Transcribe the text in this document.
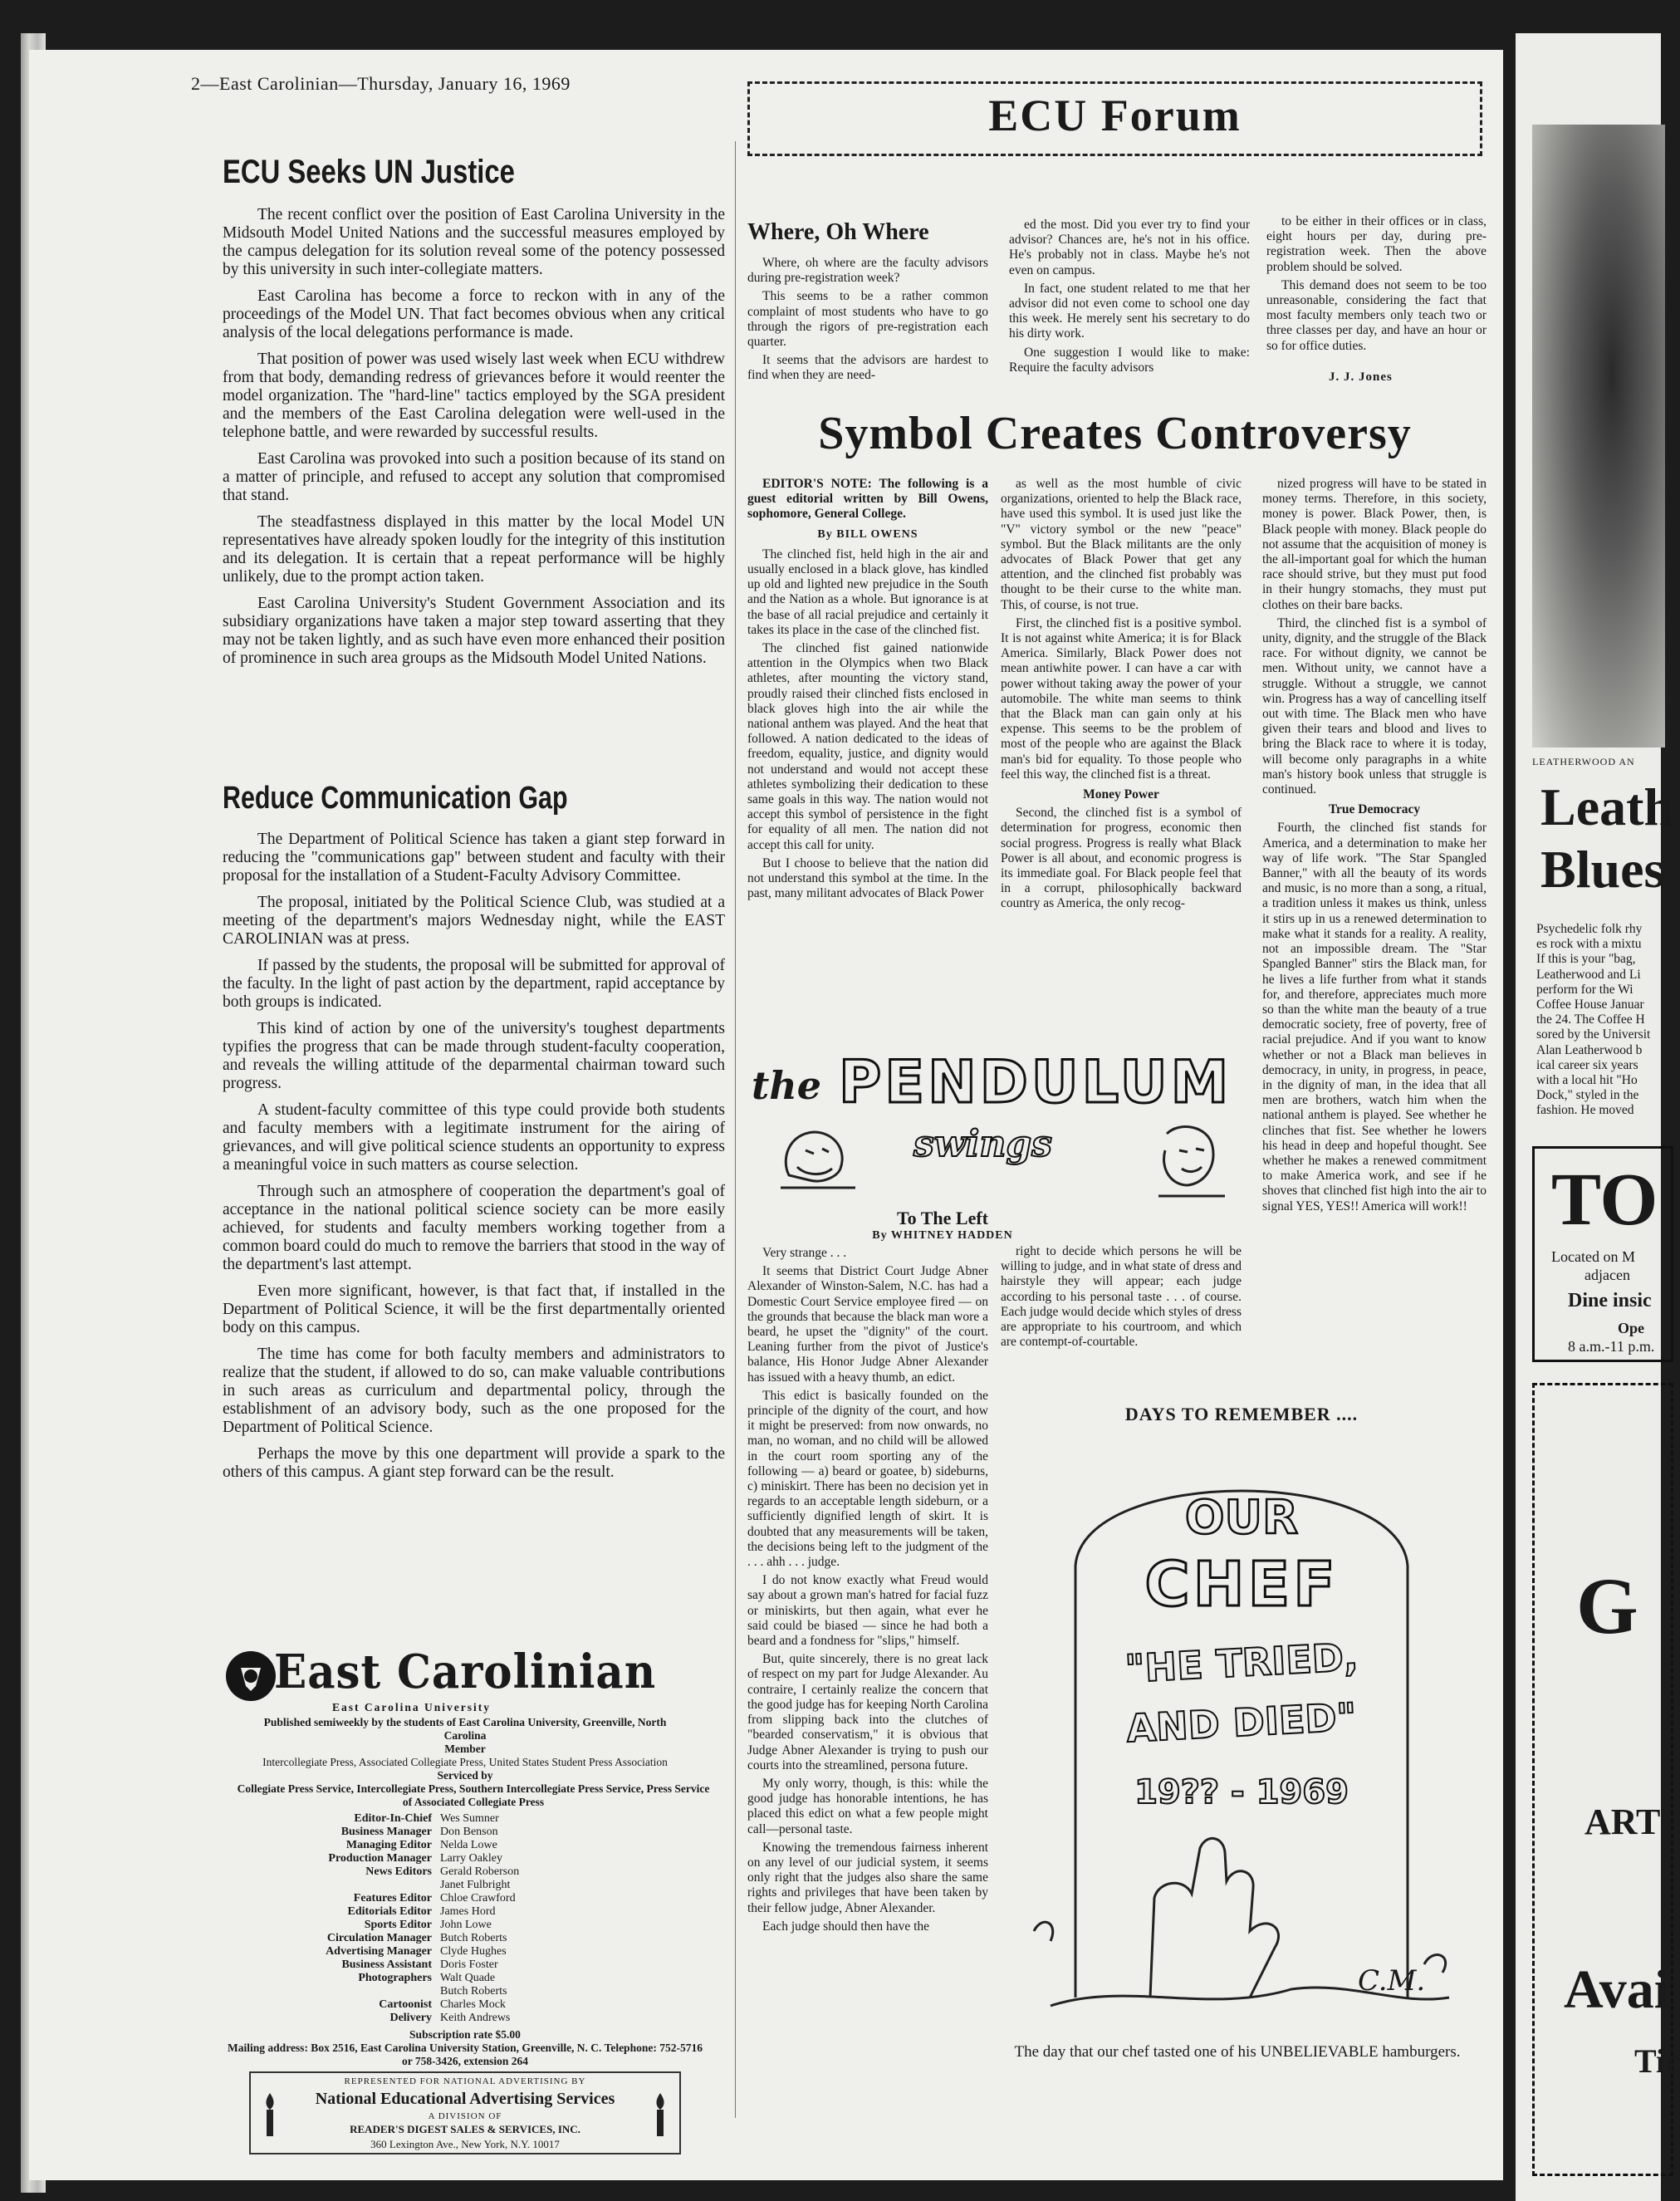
2—East Carolinian—Thursday, January 16, 1969
ECU Seeks UN Justice

The recent conflict over the position of East Carolina University in the Midsouth Model United Nations and the successful measures employed by the campus delegation for its solution reveal some of the potency possessed by this university in such inter-collegiate matters.

East Carolina has become a force to reckon with in any of the proceedings of the Model UN. That fact becomes obvious when any critical analysis of the local delegations performance is made.

That position of power was used wisely last week when ECU withdrew from that body, demanding redress of grievances before it would reenter the model organization. The "hard-line" tactics employed by the SGA president and the members of the East Carolina delegation were well-used in the telephone battle, and were rewarded by successful results.

East Carolina was provoked into such a position because of its stand on a matter of principle, and refused to accept any solution that compromised that stand.

The steadfastness displayed in this matter by the local Model UN representatives have already spoken loudly for the integrity of this institution and its delegation. It is certain that a repeat performance will be highly unlikely, due to the prompt action taken.

East Carolina University's Student Government Association and its subsidiary organizations have taken a major step toward asserting that they may not be taken lightly, and as such have even more enhanced their position of prominence in such area groups as the Midsouth Model United Nations.

Reduce Communication Gap

The Department of Political Science has taken a giant step forward in reducing the "communications gap" between student and faculty with their proposal for the installation of a Student-Faculty Advisory Committee.

The proposal, initiated by the Political Science Club, was studied at a meeting of the department's majors Wednesday night, while the EAST CAROLINIAN was at press.

If passed by the students, the proposal will be submitted for approval of the faculty. In the light of past action by the department, rapid acceptance by both groups is indicated.

This kind of action by one of the university's toughest departments typifies the progress that can be made through student-faculty cooperation, and reveals the willing attitude of the deparmental chairman toward such progress.

A student-faculty committee of this type could provide both students and faculty members with a legitimate instrument for the airing of grievances, and will give political science students an opportunity to express a meaningful voice in such matters as course selection.

Through such an atmosphere of cooperation the department's goal of acceptance in the national political science society can be more easily achieved, for students and faculty members working together from a common board could do much to remove the barriers that stood in the way of the department's last attempt.

Even more significant, however, is that fact that, if installed in the Department of Political Science, it will be the first departmentally oriented body on this campus.

The time has come for both faculty members and administrators to realize that the student, if allowed to do so, can make valuable contributions in such areas as curriculum and departmental policy, through the establishment of an advisory body, such as the one proposed for the Department of Political Science.

Perhaps the move by this one department will provide a spark to the others of this campus. A giant step forward can be the result.

East Carolinian
East Carolina University
Published semiweekly by the students of East Carolina University, Greenville, North Carolina
Member
Intercollegiate Press, Associated Collegiate Press, United States Student Press Association
Serviced by
Collegiate Press Service, Intercollegiate Press, Southern Intercollegiate Press Service, Press Service of Associated Collegiate Press
Editor-In-Chief Wes Sumner
Business Manager Don Benson
Managing Editor Nelda Lowe
Production Manager Larry Oakley
News Editors Gerald Roberson
Janet Fulbright
Features Editor Chloe Crawford
Editorials Editor James Hord
Sports Editor John Lowe
Circulation Manager Butch Roberts
Advertising Manager Clyde Hughes
Business Assistant Doris Foster
Photographers Walt Quade
Butch Roberts
Cartoonist Charles Mock
Delivery Keith Andrews
Subscription rate $5.00
Mailing address: Box 2516, East Carolina University Station, Greenville, N. C. Telephone: 752-5716 or 758-3426, extension 264
REPRESENTED FOR NATIONAL ADVERTISING BY
National Educational Advertising Services
A DIVISION OF
READER'S DIGEST SALES & SERVICES, INC.
360 Lexington Ave., New York, N.Y. 10017
ECU Forum
Where, Oh Where

Where, oh where are the faculty advisors during pre-registration week?

This seems to be a rather common complaint of most students who have to go through the rigors of pre-registration each quarter.

It seems that the advisors are hardest to find when they are need-

ed the most. Did you ever try to find your advisor? Chances are, he's not in his office. He's probably not in class. Maybe he's not even on campus.

In fact, one student related to me that her advisor did not even come to school one day this week. He merely sent his secretary to do his dirty work.

One suggestion I would like to make: Require the faculty advisors

to be either in their offices or in class, eight hours per day, during pre-registration week. Then the above problem should be solved.

This demand does not seem to be too unreasonable, considering the fact that most faculty members only teach two or three classes per day, and have an hour or so for office duties.

J. J. Jones
Symbol Creates Controversy

EDITOR'S NOTE: The following is a guest editorial written by Bill Owens, sophomore, General College.

By BILL OWENS

The clinched fist, held high in the air and usually enclosed in a black glove, has kindled up old and lighted new prejudice in the South and the Nation as a whole. But ignorance is at the base of all racial prejudice and certainly it takes its place in the case of the clinched fist.

The clinched fist gained nationwide attention in the Olympics when two Black athletes, after mounting the victory stand, proudly raised their clinched fists enclosed in black gloves high into the air while the national anthem was played. And the heat that followed. A nation dedicated to the ideas of freedom, equality, justice, and dignity would not understand and would not accept these athletes symbolizing their dedication to these same goals in this way. The nation would not accept this symbol of persistence in the fight for equality of all men. The nation did not accept this call for unity.

But I choose to believe that the nation did not understand this symbol at the time. In the past, many militant advocates of Black Power

as well as the most humble of civic organizations, oriented to help the Black race, have used this symbol. It is used just like the "V" victory symbol or the new "peace" symbol. But the Black militants are the only advocates of Black Power that get any attention, and the clinched fist probably was thought to be their curse to the white man. This, of course, is not true.

First, the clinched fist is a positive symbol. It is not against white America; it is for Black America. Similarly, Black Power does not mean antiwhite power. I can have a car with power without taking away the power of your automobile. The white man seems to think that the Black man can gain only at his expense. This seems to be the problem of most of the people who are against the Black man's bid for equality. To those people who feel this way, the clinched fist is a threat.

Money Power

Second, the clinched fist is a symbol of determination for progress, economic then social progress. Progress is really what Black Power is all about, and economic progress is its immediate goal. For Black people feel that in a corrupt, philosophically backward country as America, the only recog-

nized progress will have to be stated in money terms. Therefore, in this society, money is power. Black Power, then, is Black people with money. Black people do not assume that the acquisition of money is the all-important goal for which the human race should strive, but they must put food in their hungry stomachs, they must put clothes on their bare backs.

Third, the clinched fist is a symbol of unity, dignity, and the struggle of the Black race. For without dignity, we cannot be men. Without unity, we cannot have a struggle. Without a struggle, we cannot win. Progress has a way of cancelling itself out with time. The Black men who have given their tears and blood and lives to bring the Black race to where it is today, will become only paragraphs in a white man's history book unless that struggle is continued.

True Democracy

Fourth, the clinched fist stands for America, and a determination to make her way of life work. "The Star Spangled Banner," with all the beauty of its words and music, is no more than a song, a ritual, a tradition unless it makes us think, unless it stirs up in us a renewed determination to make what it stands for a reality. A reality, not an impossible dream. The "Star Spangled Banner" stirs the Black man, for he lives a life further from what it stands for, and therefore, appreciates much more so than the white man the beauty of a true democratic society, free of poverty, free of racial prejudice. And if you want to know whether or not a Black man believes in democracy, in unity, in progress, in peace, in the dignity of man, in the idea that all men are brothers, watch him when the national anthem is played. See whether he clinches that fist. See whether he lowers his head in deep and hopeful thought. See whether he makes a renewed commitment to make America work, and see if he shoves that clinched fist high into the air to signal YES, YES!! America will work!!

the PENDULUM
swings
To The Left
By WHITNEY HADDEN

Very strange . . .

It seems that District Court Judge Abner Alexander of Winston-Salem, N.C. has had a Domestic Court Service employee fired — on the grounds that because the black man wore a beard, he upset the "dignity" of the court. Leaning further from the pivot of Justice's balance, His Honor Judge Abner Alexander has issued with a heavy thumb, an edict.

This edict is basically founded on the principle of the dignity of the court, and how it might be preserved: from now onwards, no man, no woman, and no child will be allowed in the court room sporting any of the following — a) beard or goatee, b) sideburns, c) miniskirt. There has been no decision yet in regards to an acceptable length sideburn, or a sufficiently dignified length of skirt. It is doubted that any measurements will be taken, the decisions being left to the judgment of the . . . ahh . . . judge.

I do not know exactly what Freud would say about a grown man's hatred for facial fuzz or miniskirts, but then again, what ever he said could be biased — since he had both a beard and a fondness for "slips," himself.

But, quite sincerely, there is no great lack of respect on my part for Judge Alexander. Au contraire, I certainly realize the concern that the good judge has for keeping North Carolina from slipping back into the clutches of "bearded conservatism," it is obvious that Judge Abner Alexander is trying to push our courts into the streamlined, persona future.

My only worry, though, is this: while the good judge has honorable intentions, he has placed this edict on what a few people might call—personal taste.

Knowing the tremendous fairness inherent on any level of our judicial system, it seems only right that the judges also share the same rights and privileges that have been taken by their fellow judge, Abner Alexander.

Each judge should then have the

right to decide which persons he will be willing to judge, and in what state of dress and hairstyle they will appear; each judge according to his personal taste . . . of course. Each judge would decide which styles of dress are appropriate to his courtroom, and which are contempt-of-courtable.

DAYS TO REMEMBER ....
OUR
CHEF
"HE TRIED,
AND DIED"
19?? - 1969
C.M.
The day that our chef tasted one of his UNBELIEVABLE hamburgers.
LEATHERWOOD AN
Leath
Blues
Psychedelic folk rhy
es rock with a mixtu
If this is your "bag,
Leatherwood and Li
perform for the Wi
Coffee House Januar
the 24. The Coffee H
sored by the Universit
Alan Leatherwood b
ical career six years
with a local hit "Ho
Dock," styled in the
fashion. He moved
TO
Located on M
adjacen
Dine insic
Ope
8 a.m.-11 p.m.
G
ART
Avai
Tic
